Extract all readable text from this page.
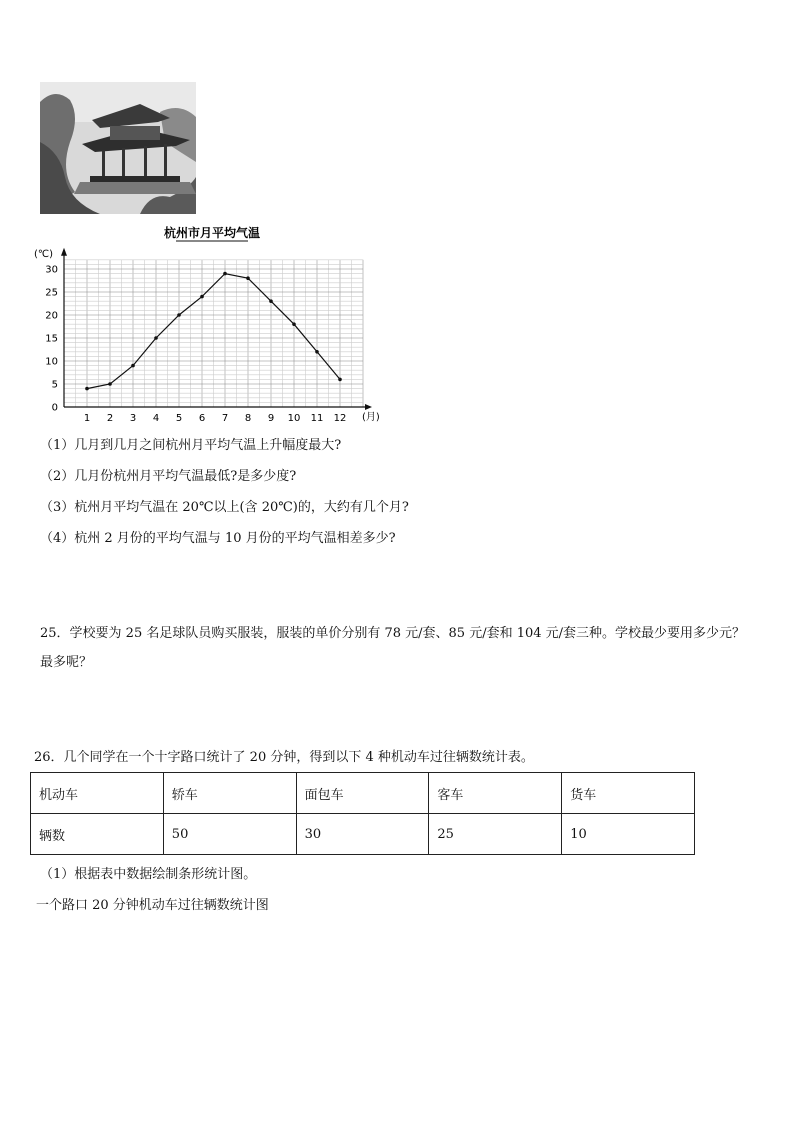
杭州市月平均气温
(℃)
(月)
0
5
10
15
20
25
30
1 2 3 4 5 6 7 8 9 10 11 12
（1）几月到几月之间杭州月平均气温上升幅度最大?
（2）几月份杭州月平均气温最低?是多少度?
（3）杭州月平均气温在 20℃以上(含 20℃)的，大约有几个月?
（4）杭州 2 月份的平均气温与 10 月份的平均气温相差多少?
25．学校要为 25 名足球队员购买服装，服装的单价分别有 78 元/套、85 元/套和 104 元/套三种。学校最少要用多少元？
最多呢？
26．几个同学在一个十字路口统计了 20 分钟，得到以下 4 种机动车过往辆数统计表。
机动车	轿车	面包车	客车	货车
辆数	50	30	25	10
（1）根据表中数据绘制条形统计图。
一个路口 20 分钟机动车过往辆数统计图
